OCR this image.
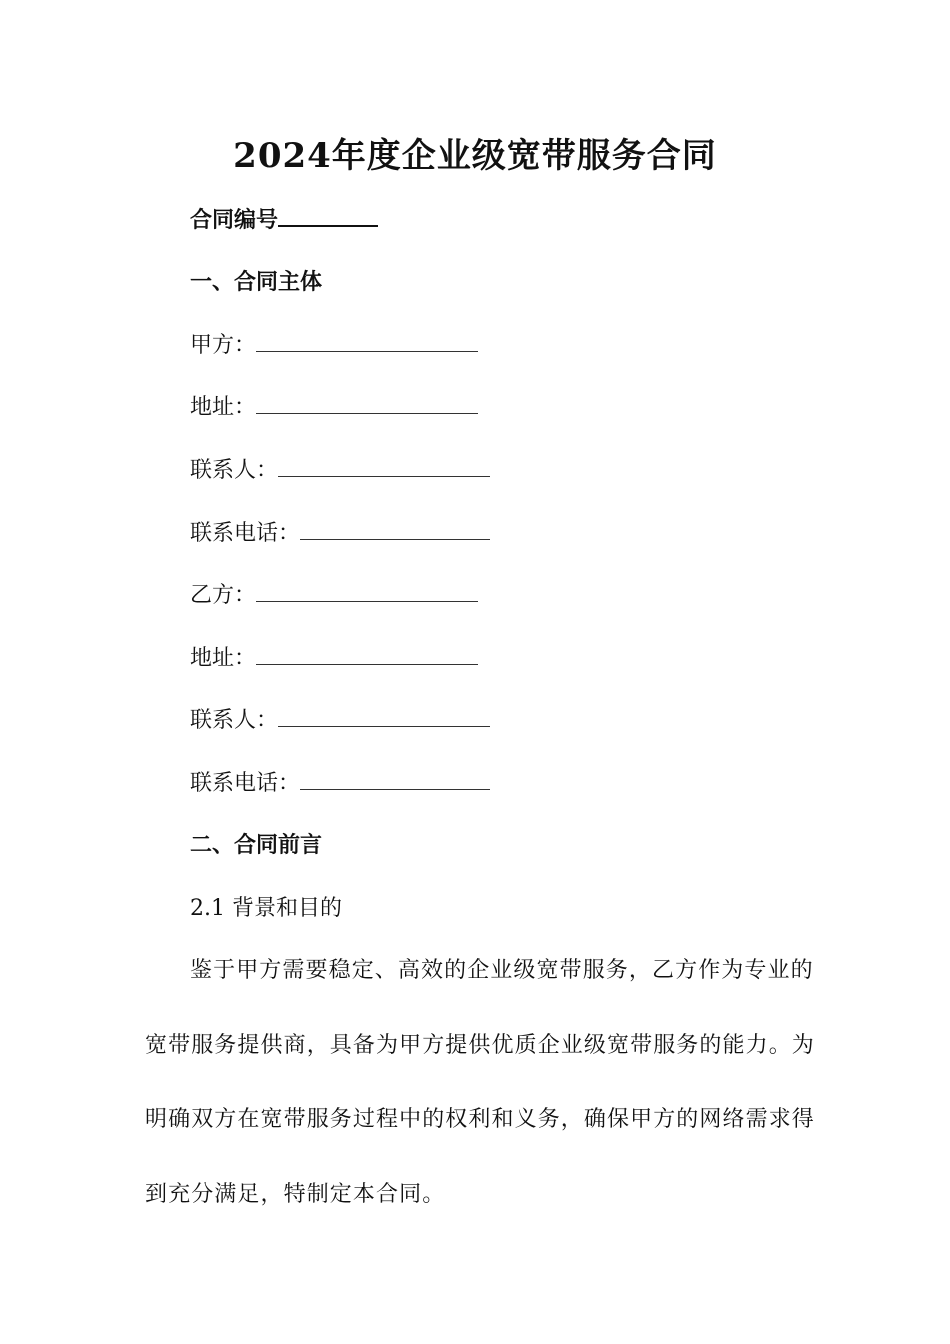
2024年度企业级宽带服务合同
合同编号
一、合同主体
甲方：
地址：
联系人：
联系电话：
乙方：
地址：
联系人：
联系电话：
二、合同前言
2.1 背景和目的
鉴于甲方需要稳定、高效的企业级宽带服务，乙方作为专业的
宽带服务提供商，具备为甲方提供优质企业级宽带服务的能力。为
明确双方在宽带服务过程中的权利和义务，确保甲方的网络需求得
到充分满足，特制定本合同。
